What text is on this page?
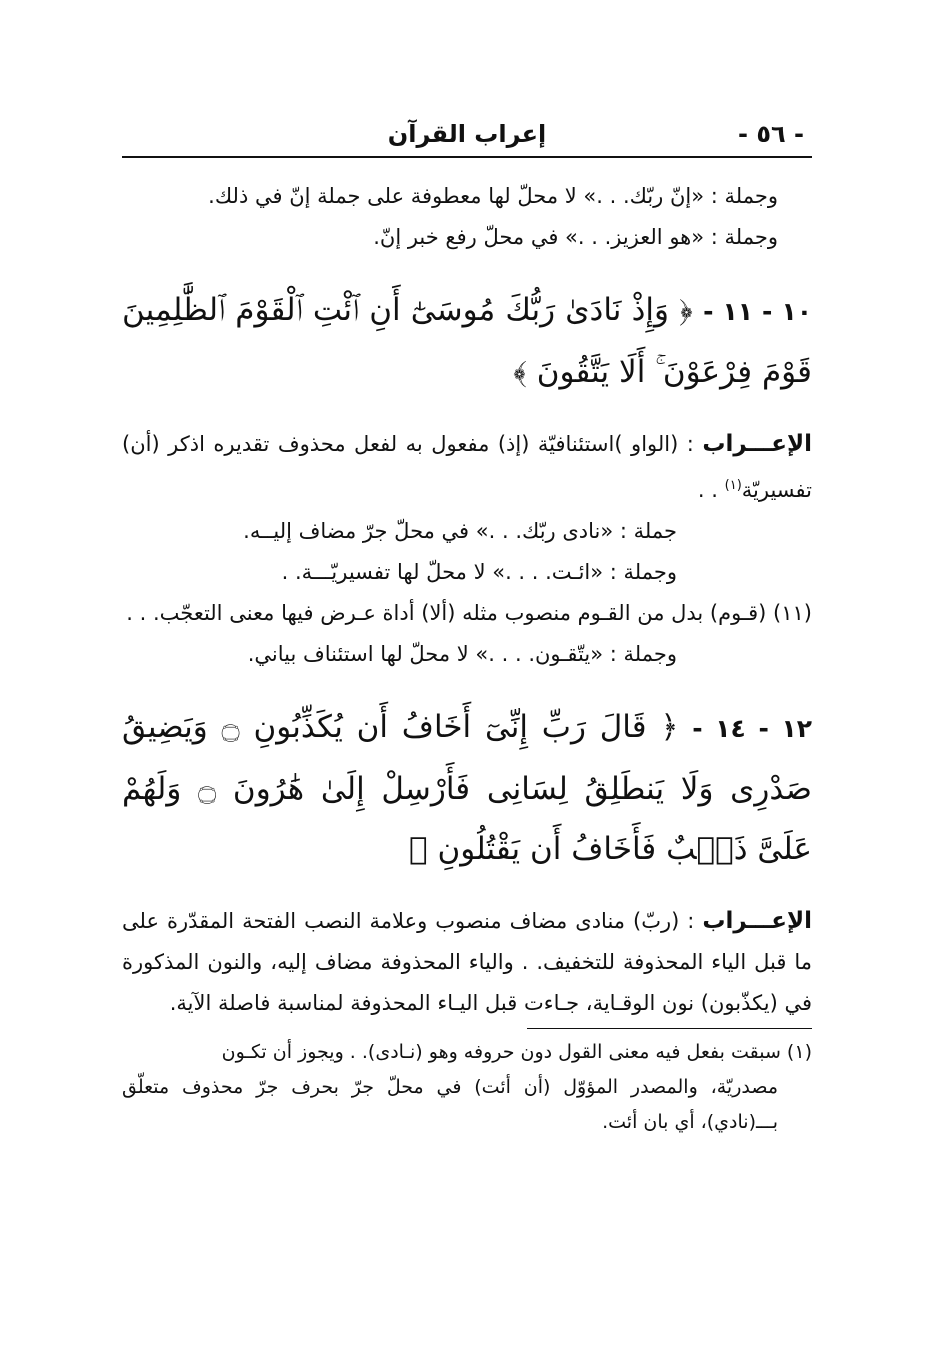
- ٥٦ -
إعراب القرآن

وجملة : «إنّ ربّك. . .» لا محلّ لها معطوفة على جملة إنّ في ذلك.

وجملة : «هو العزيز. . .» في محلّ رفع خبر إنّ.

١٠ - ١١ - ﴿ وَإِذْ نَادَىٰ رَبُّكَ مُوسَىٰٓ أَنِ ٱئْتِ ٱلْقَوْمَ ٱلظَّٰلِمِينَ قَوْمَ فِرْعَوْنَ ۚ أَلَا يَتَّقُونَ ﴾

الإعـــراب : (الواو )استئنافيّة (إذ) مفعول به لفعل محذوف تقديره اذكر (أن) تفسيريّة$^{(١)}$ . .

جملة : «نادى ربّك. . .» في محلّ جرّ مضاف إليــه.

وجملة : «ائـت. . . .» لا محلّ لها تفسيريّـــة. .

(١١) (قـوم) بدل من القـوم منصوب مثله (ألا) أداة عـرض فيها معنى التعجّب. . .

وجملة : «يتّقـون. . . .» لا محلّ لها استئناف بياني.

١٢ - ١٤ - ﴿ قَالَ رَبِّ إِنِّىٓ أَخَافُ أَن يُكَذِّبُونِ ۝ وَيَضِيقُ صَدْرِى وَلَا يَنطَلِقُ لِسَانِى فَأَرْسِلْ إِلَىٰ هَٰرُونَ ۝ وَلَهُمْ عَلَىَّ ذَنۢبٌ فَأَخَافُ أَن يَقْتُلُونِ ﴾

الإعـــراب : (ربّ) منادى مضاف منصوب وعلامة النصب الفتحة المقدّرة على ما قبل الياء المحذوفة للتخفيف. . والياء المحذوفة مضاف إليه، والنون المذكورة في (يكذّبون) نون الوقـاية، جـاءت قبل اليـاء المحذوفة لمناسبة فاصلة الآية.

(١) سبقت بفعل فيه معنى القول دون حروفه وهو (نـادى). . ويجوز أن تكـون

مصدريّة، والمصدر المؤوّل (أن أئت) في محلّ جرّ بحرف جرّ محذوف متعلّق بـــ(نادي)، أي بان أئت.
